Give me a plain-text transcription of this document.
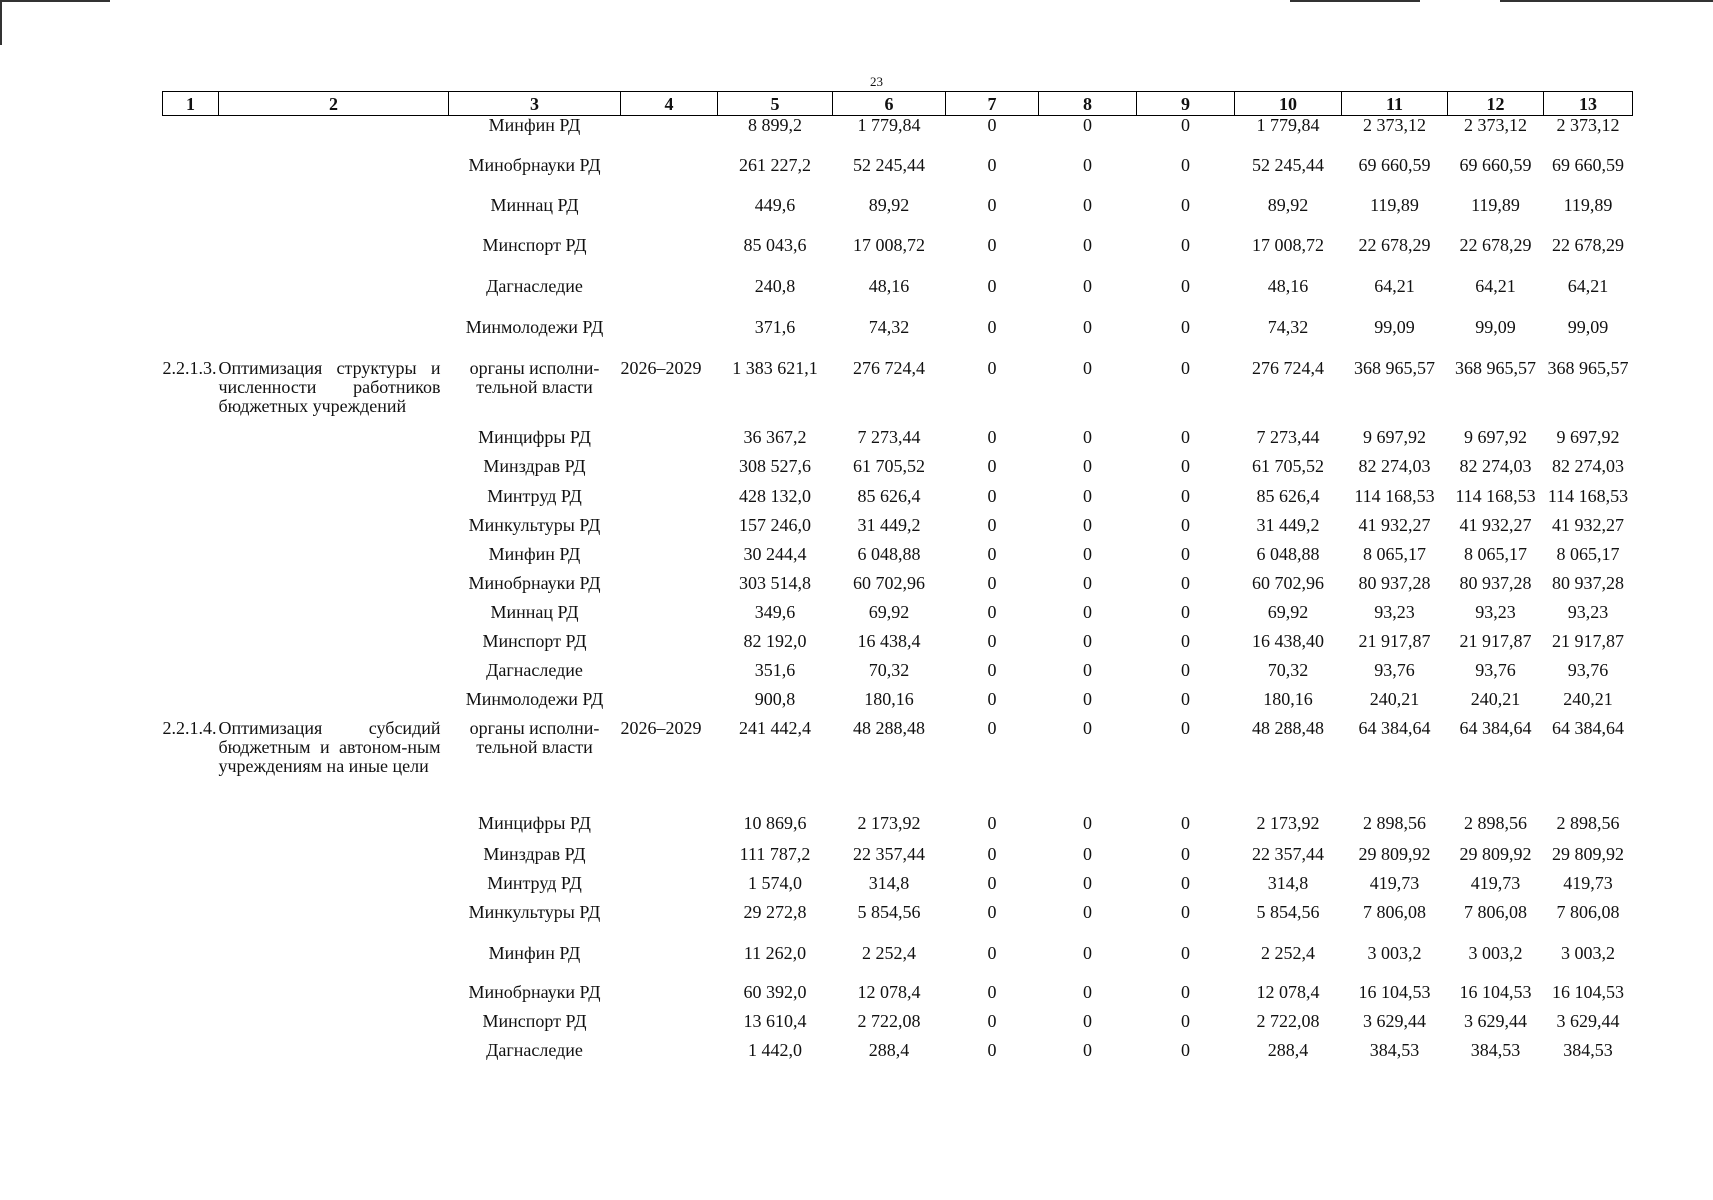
23
1	2	3	4	5	6	7	8	9	10	11	12	13
		Минфин РД		8 899,2	1 779,84	0	0	0	1 779,84	2 373,12	2 373,12	2 373,12
		Минобрнауки РД		261 227,2	52 245,44	0	0	0	52 245,44	69 660,59	69 660,59	69 660,59
		Миннац РД		449,6	89,92	0	0	0	89,92	119,89	119,89	119,89
		Минспорт РД		85 043,6	17 008,72	0	0	0	17 008,72	22 678,29	22 678,29	22 678,29
		Дагнаследие		240,8	48,16	0	0	0	48,16	64,21	64,21	64,21
		Минмолодежи РД		371,6	74,32	0	0	0	74,32	99,09	99,09	99,09
2.2.1.3.	Оптимизация структуры и численности работников бюджетных учреждений	органы исполни-тельной власти	2026–2029	1 383 621,1	276 724,4	0	0	0	276 724,4	368 965,57	368 965,57	368 965,57
		Минцифры РД		36 367,2	7 273,44	0	0	0	7 273,44	9 697,92	9 697,92	9 697,92
		Минздрав РД		308 527,6	61 705,52	0	0	0	61 705,52	82 274,03	82 274,03	82 274,03
		Минтруд РД		428 132,0	85 626,4	0	0	0	85 626,4	114 168,53	114 168,53	114 168,53
		Минкультуры РД		157 246,0	31 449,2	0	0	0	31 449,2	41 932,27	41 932,27	41 932,27
		Минфин РД		30 244,4	6 048,88	0	0	0	6 048,88	8 065,17	8 065,17	8 065,17
		Минобрнауки РД		303 514,8	60 702,96	0	0	0	60 702,96	80 937,28	80 937,28	80 937,28
		Миннац РД		349,6	69,92	0	0	0	69,92	93,23	93,23	93,23
		Минспорт РД		82 192,0	16 438,4	0	0	0	16 438,40	21 917,87	21 917,87	21 917,87
		Дагнаследие		351,6	70,32	0	0	0	70,32	93,76	93,76	93,76
		Минмолодежи РД		900,8	180,16	0	0	0	180,16	240,21	240,21	240,21
2.2.1.4.	Оптимизация субсидий бюджетным и автоном-ным учреждениям на иные цели	органы исполни-тельной власти	2026–2029	241 442,4	48 288,48	0	0	0	48 288,48	64 384,64	64 384,64	64 384,64
		Минцифры РД		10 869,6	2 173,92	0	0	0	2 173,92	2 898,56	2 898,56	2 898,56
		Минздрав РД		111 787,2	22 357,44	0	0	0	22 357,44	29 809,92	29 809,92	29 809,92
		Минтруд РД		1 574,0	314,8	0	0	0	314,8	419,73	419,73	419,73
		Минкультуры РД		29 272,8	5 854,56	0	0	0	5 854,56	7 806,08	7 806,08	7 806,08
		Минфин РД		11 262,0	2 252,4	0	0	0	2 252,4	3 003,2	3 003,2	3 003,2
		Минобрнауки РД		60 392,0	12 078,4	0	0	0	12 078,4	16 104,53	16 104,53	16 104,53
		Минспорт РД		13 610,4	2 722,08	0	0	0	2 722,08	3 629,44	3 629,44	3 629,44
		Дагнаследие		1 442,0	288,4	0	0	0	288,4	384,53	384,53	384,53
